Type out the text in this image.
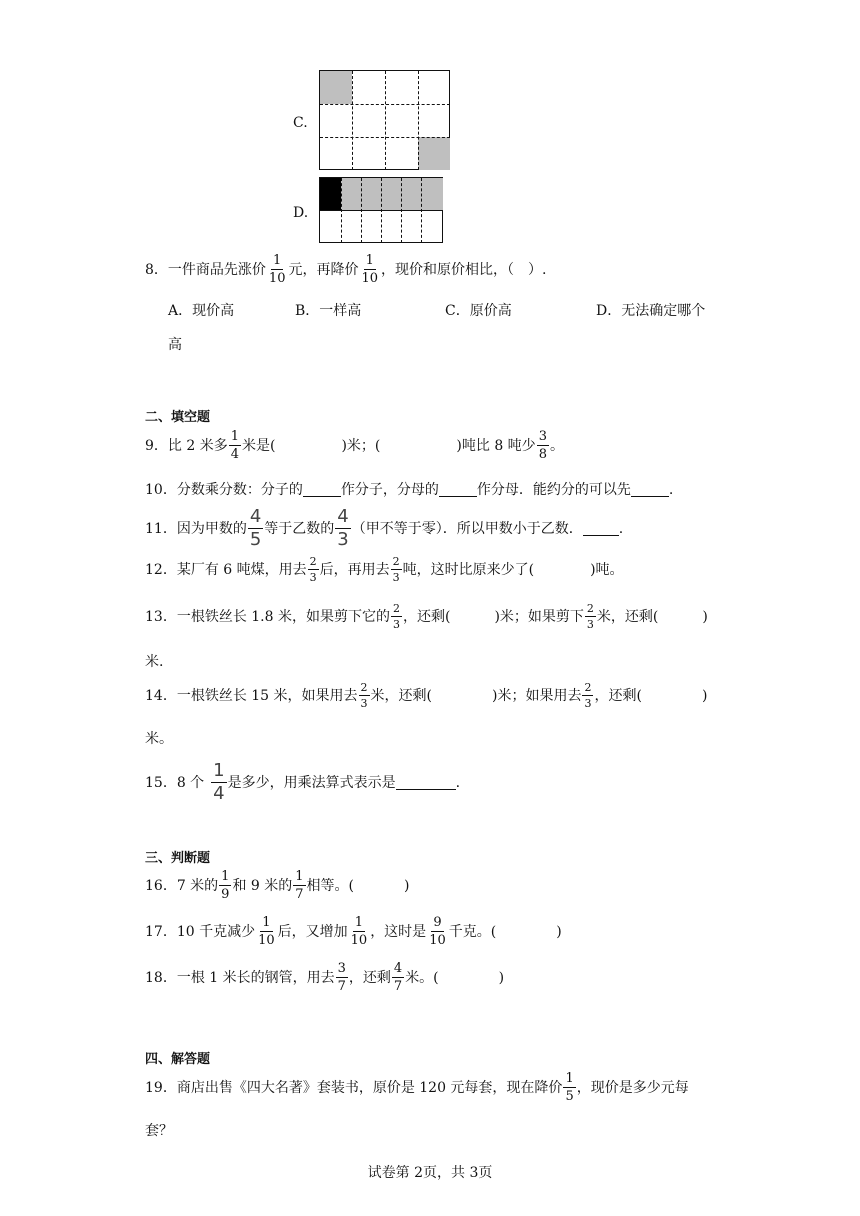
C.
D.
8．一件商品先涨价 $\frac{1}{10}$ 元，再降价 $\frac{1}{10}$ ，现价和原价相比，（　）.
A．现价高	B．一样高	C．原价高	D．无法确定哪个
高
二、填空题
9．比 2 米多 $\frac{1}{4}$ 米是(	)米；(	)吨比 8 吨少 $\frac{3}{8}$ 。
10．分数乘分数：分子的	作分子，分母的	作分母．能约分的可以先	.
11．因为甲数的 $\frac{4}{5}$ 等于乙数的 $\frac{4}{3}$ （甲不等于零）．所以甲数小于乙数．	.
12．某厂有 6 吨煤，用去 $\frac{2}{3}$ 后，再用去 $\frac{2}{3}$ 吨，这时比原来少了(	)吨。
13．一根铁丝长 1.8 米，如果剪下它的 $\frac{2}{3}$ ，还剩(	)米；如果剪下 $\frac{2}{3}$ 米，还剩(	)
米.
14．一根铁丝长 15 米，如果用去 $\frac{2}{3}$ 米，还剩(	)米；如果用去 $\frac{2}{3}$ ，还剩(	)
米。
15．8 个 $\frac{1}{4}$ 是多少，用乘法算式表示是	.
三、判断题
16．7 米的 $\frac{1}{9}$ 和 9 米的 $\frac{1}{7}$ 相等。(	)
17．10 千克减少 $\frac{1}{10}$ 后，又增加 $\frac{1}{10}$ ，这时是 $\frac{9}{10}$ 千克。(	)
18．一根 1 米长的钢管，用去 $\frac{3}{7}$ ，还剩 $\frac{4}{7}$ 米。(	)
四、解答题
19．商店出售《四大名著》套装书，原价是 120 元每套，现在降价 $\frac{1}{5}$ ，现价是多少元每
套？
试卷第 2页，共 3页
